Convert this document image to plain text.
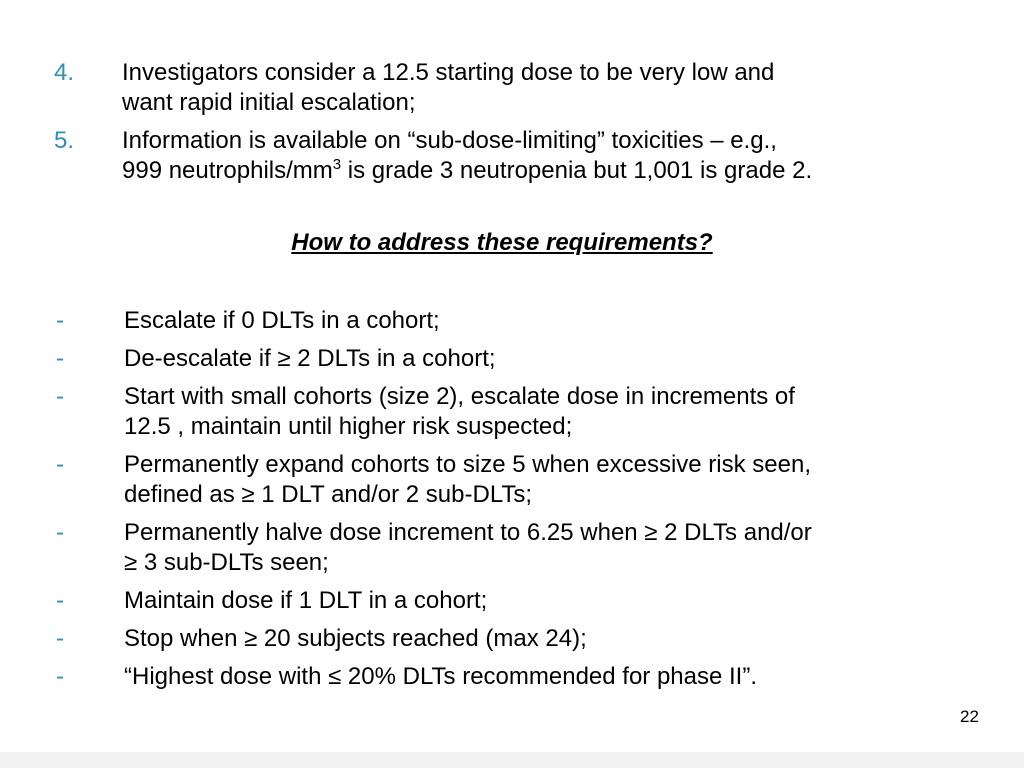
4.	Investigators consider a 12.5 starting dose to be very low and
want rapid initial escalation;
5.	Information is available on “sub-dose-limiting” toxicities – e.g.,
999 neutrophils/$mm^3$ is grade 3 neutropenia but 1,001 is grade 2.
How to address these requirements?
-	Escalate if 0 DLTs in a cohort;
-	De-escalate if ≥ 2 DLTs in a cohort;
-	Start with small cohorts (size 2), escalate dose in increments of
12.5 , maintain until higher risk suspected;
-	Permanently expand cohorts to size 5 when excessive risk seen,
defined as ≥ 1 DLT and/or 2 sub-DLTs;
-	Permanently halve dose increment to 6.25 when ≥ 2 DLTs and/or
≥ 3 sub-DLTs seen;
-	Maintain dose if 1 DLT in a cohort;
-	Stop when ≥ 20 subjects reached (max 24);
-	“Highest dose with ≤ 20% DLTs recommended for phase II”.
22
